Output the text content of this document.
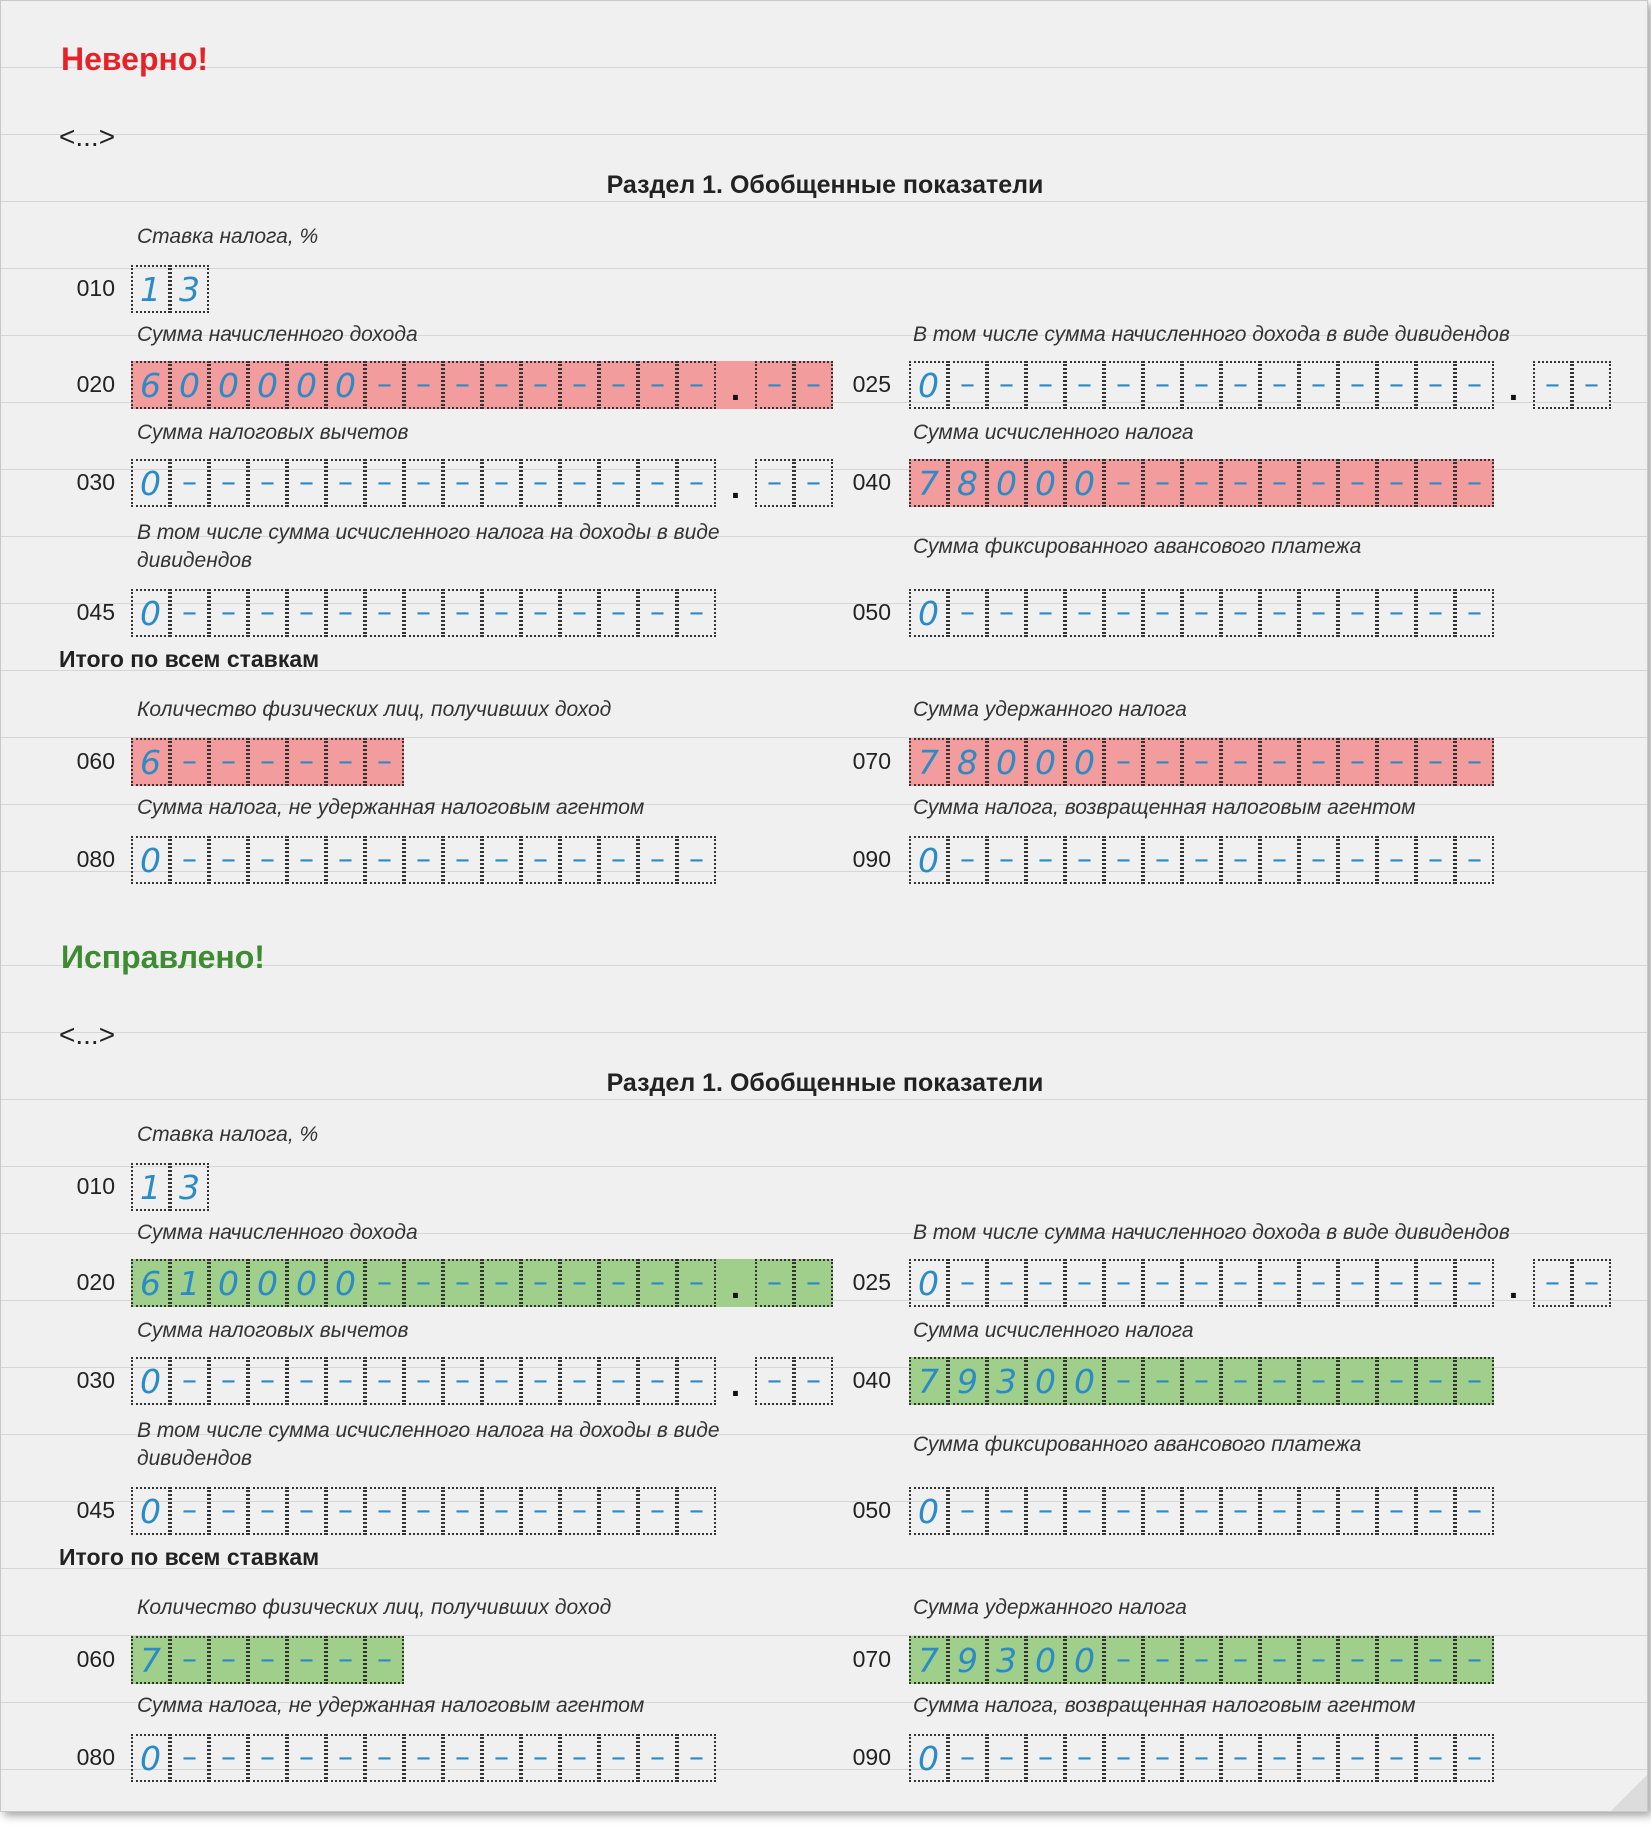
Неверно!
<...>
Раздел 1. Обобщенные показатели
Итого по всем ставкам
Ставка налога, %
010 1 3
Сумма начисленного дохода
020 6 0 0 0 0 0 – – – – – – – – – . – –
В том числе сумма начисленного дохода в виде дивидендов
025 0 – – – – – – – – – – – – – – . – –
Сумма налоговых вычетов
030 0 – – – – – – – – – – – – – – . – –
Сумма исчисленного налога
040 7 8 0 0 0 – – – – – – – – – –
В том числе сумма исчисленного налога на доходы в виде дивидендов
045 0 – – – – – – – – – – – – – –
Сумма фиксированного авансового платежа
050 0 – – – – – – – – – – – – – –
Количество физических лиц, получивших доход
060 6 – – – – – –
Сумма удержанного налога
070 7 8 0 0 0 – – – – – – – – – –
Сумма налога, не удержанная налоговым агентом
080 0 – – – – – – – – – – – – – –
Сумма налога, возвращенная налоговым агентом
090 0 – – – – – – – – – – – – – –
Исправлено!
<...>
Раздел 1. Обобщенные показатели
Итого по всем ставкам
Ставка налога, %
010 1 3
Сумма начисленного дохода
020 6 1 0 0 0 0 – – – – – – – – – . – –
В том числе сумма начисленного дохода в виде дивидендов
025 0 – – – – – – – – – – – – – – . – –
Сумма налоговых вычетов
030 0 – – – – – – – – – – – – – – . – –
Сумма исчисленного налога
040 7 9 3 0 0 – – – – – – – – – –
В том числе сумма исчисленного налога на доходы в виде дивидендов
045 0 – – – – – – – – – – – – – –
Сумма фиксированного авансового платежа
050 0 – – – – – – – – – – – – – –
Количество физических лиц, получивших доход
060 7 – – – – – –
Сумма удержанного налога
070 7 9 3 0 0 – – – – – – – – – –
Сумма налога, не удержанная налоговым агентом
080 0 – – – – – – – – – – – – – –
Сумма налога, возвращенная налоговым агентом
090 0 – – – – – – – – – – – – – –
